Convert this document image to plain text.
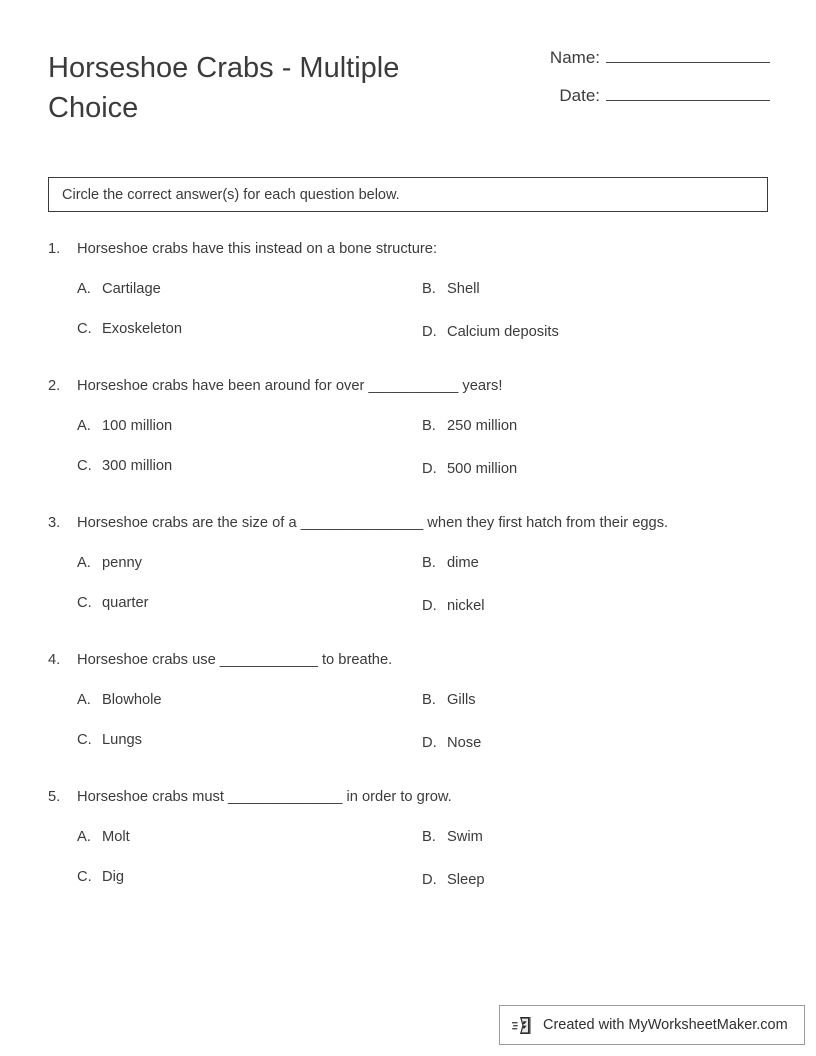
Horseshoe Crabs - Multiple Choice
Name:
Date:
Circle the correct answer(s) for each question below.
1. Horseshoe crabs have this instead on a bone structure:
A. Cartilage	B. Shell
C. Exoskeleton	D. Calcium deposits
2. Horseshoe crabs have been around for over ___________ years!
A. 100 million	B. 250 million
C. 300 million	D. 500 million
3. Horseshoe crabs are the size of a _______________ when they first hatch from their eggs.
A. penny	B. dime
C. quarter	D. nickel
4. Horseshoe crabs use ____________ to breathe.
A. Blowhole	B. Gills
C. Lungs	D. Nose
5. Horseshoe crabs must ______________ in order to grow.
A. Molt	B. Swim
C. Dig	D. Sleep
Created with MyWorksheetMaker.com
